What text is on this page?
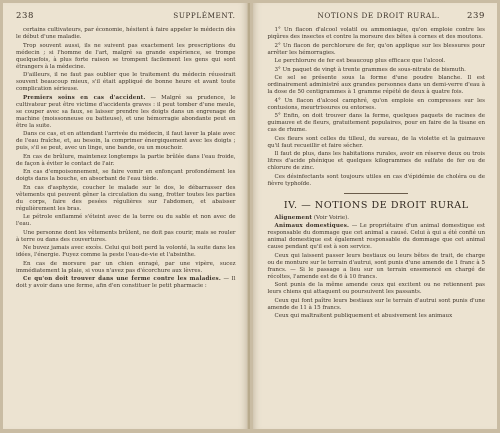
238	SUPPLÉMENT.

certains cultivateurs, par économie, hésitent à faire appeler le médecin dès le début d'une maladie.

Trop souvent aussi, ils ne suivent pas exactement les prescriptions du médecin ; si l'homme de l'art, malgré sa grande expérience, se trompe quelquefois, à plus forte raison se trompent facilement les gens qui sont étrangers à la médecine.

D'ailleurs, il ne faut pas oublier que le traitement du médecin réussirait souvent beaucoup mieux, s'il était appliqué de bonne heure et avant toute complication sérieuse.

Premiers soins en cas d'accident. — Malgré sa prudence, le cultivateur peut être victime d'accidents graves : il peut tomber d'une meule, se couper avec sa faux, se laisser prendre les doigts dans un engrenage de machine (moissonneuse ou batteuse), et une hémorragie abondante peut en être la suite.

Dans ce cas, et en attendant l'arrivée du médecin, il faut laver la plaie avec de l'eau fraîche, et, au besoin, la comprimer énergiquement avec les doigts ; puis, s'il se peut, avec un linge, une bande, ou un mouchoir.

En cas de brûlure, maintenez longtemps la partie brûlée dans l'eau froide, de façon à éviter le contact de l'air.

En cas d'empoisonnement, se faire vomir en enfonçant profondément les doigts dans la bouche, en absorbant de l'eau tiède.

En cas d'asphyxie, coucher le malade sur le dos, le débarrasser des vêtements qui peuvent gêner la circulation du sang, frotter toutes les parties du corps, faire des pesées régulières sur l'abdomen, et abaisser régulièrement les bras.

Le pétrole enflammé s'éteint avec de la terre ou du sable et non avec de l'eau.

Une personne dont les vêtements brûlent, ne doit pas courir, mais se rouler à terre ou dans des couvertures.

Ne buvez jamais avec excès. Celui qui boit perd la volonté, la suite dans les idées, l'énergie. Fuyez comme la peste l'eau-de-vie et l'absinthe.

En cas de morsure par un chien enragé, par une vipère, sucez immédiatement la plaie, si vous n'avez pas d'écorchure aux lèvres.

Ce qu'on doit trouver dans une ferme contre les maladies. — Il doit y avoir dans une ferme, afin d'en constituer le petit pharmacie :

NOTIONS DE DROIT RURAL.	239

1° Un flacon d'alcool volatil ou ammoniaque, qu'on emploie contre les piqûres des insectes et contre la morsure des bêtes à cornes et des moutons.

2° Un flacon de perchlorure de fer, qu'on applique sur les blessures pour arrêter les hémorragies.

Le perchlorure de fer est beaucoup plus efficace que l'alcool.

3° Un paquet de vingt à trente grammes de sous-nitrate de bismuth.

Ce sel se présente sous la forme d'une poudre blanche. Il est ordinairement administré aux grandes personnes dans un demi-verre d'eau à la dose de 50 centigrammes à 1 gramme répété de deux à quatre fois.

4° Un flacon d'alcool camphré, qu'on emploie en compresses sur les contusions, meurtrissures ou entorses.

5° Enfin, on doit trouver dans la ferme, quelques paquets de racines de guimauve et de fleurs, gratuitement populaires, pour en faire de la tisane en cas de rhume.

Ces fleurs sont celles du tilleul, du sureau, de la violette et la guimauve qu'il faut recueillir et faire sécher.

Il faut de plus, dans les habitations rurales, avoir en réserve deux ou trois litres d'acide phénique et quelques kilogrammes de sulfate de fer ou de chlorure de zinc.

Ces désinfectants sont toujours utiles en cas d'épidémie de choléra ou de fièvre typhoïde.

IV. — NOTIONS DE DROIT RURAL

Alignement (Voir Voirie).

Animaux domestiques. — Le propriétaire d'un animal domestique est responsable du dommage que cet animal a causé. Celui à qui a été confié un animal domestique est également responsable du dommage que cet animal cause pendant qu'il est à son service.

Ceux qui laissent passer leurs bestiaux ou leurs bêtes de trait, de charge ou de monture sur le terrain d'autrui, sont punis d'une amende de 1 franc à 5 francs. — Si le passage a lieu sur un terrain ensemencé en chargé de récoltes, l'amende est de 6 à 10 francs.

Sont punis de la même amende ceux qui excitent ou ne retiennent pas leurs chiens qui attaquent ou poursuivent les passants.

Ceux qui font paître leurs bestiaux sur le terrain d'autrui sont punis d'une amende de 11 à 15 francs.

Ceux qui maltraitent publiquement et abusivement les animaux
